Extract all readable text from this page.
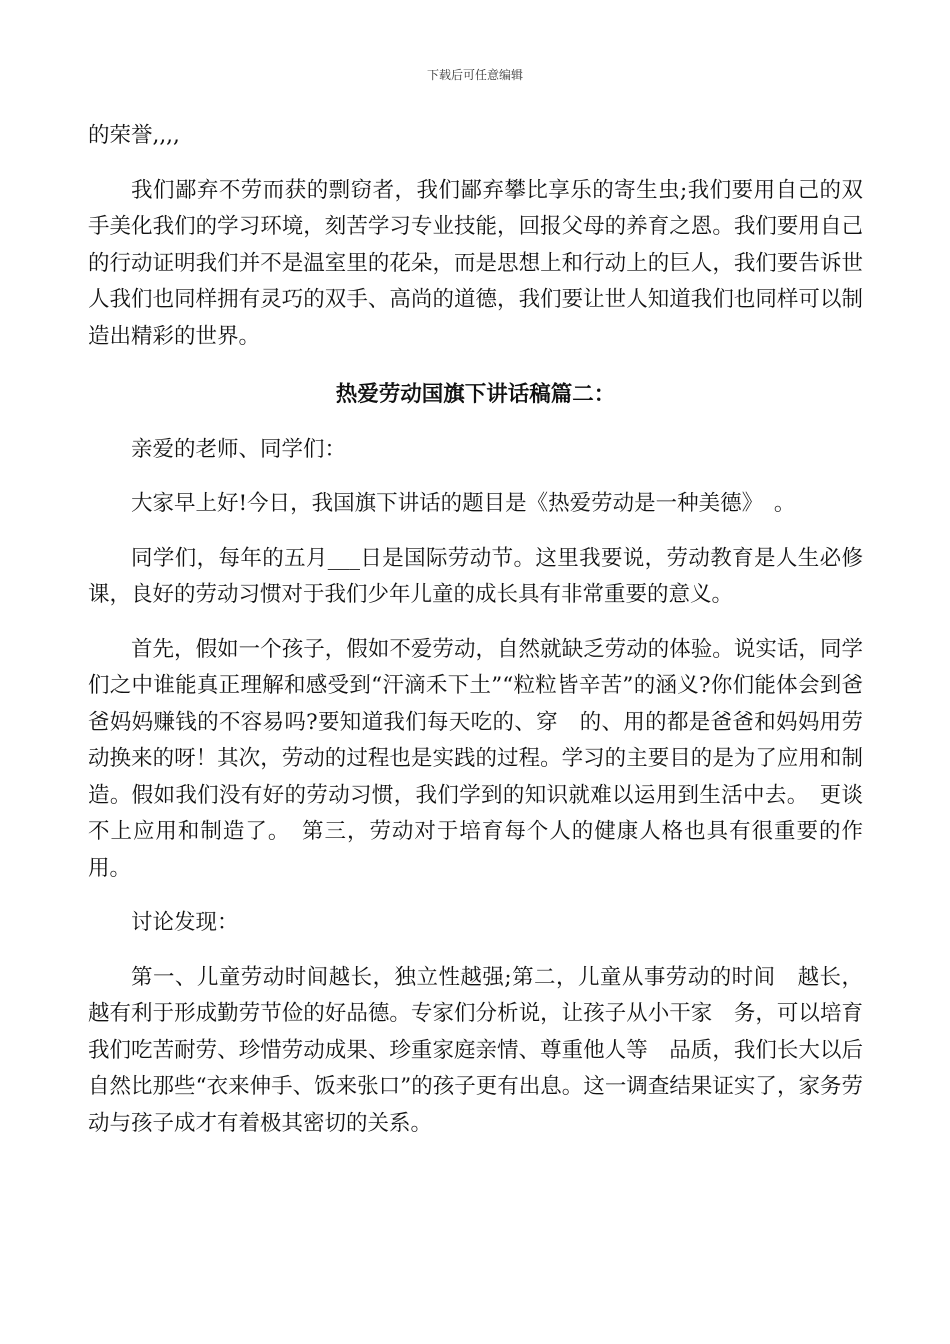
下载后可任意编辑

的荣誉,,,,

我们鄙弃不劳而获的剽窃者，我们鄙弃攀比享乐的寄生虫;我们要用自己的双手美化我们的学习环境，刻苦学习专业技能，回报父母的养育之恩。我们要用自己的行动证明我们并不是温室里的花朵，而是思想上和行动上的巨人，我们要告诉世人我们也同样拥有灵巧的双手、高尚的道德，我们要让世人知道我们也同样可以制造出精彩的世界。

热爱劳动国旗下讲话稿篇二：

亲爱的老师、同学们：

大家早上好!今日，我国旗下讲话的题目是《热爱劳动是一种美德》　。

同学们，每年的五月___日是国际劳动节。这里我要说，劳动教育是人生必修课，良好的劳动习惯对于我们少年儿童的成长具有非常重要的意义。

首先，假如一个孩子，假如不爱劳动，自然就缺乏劳动的体验。说实话，同学们之中谁能真正理解和感受到“汗滴禾下土”“粒粒皆辛苦”的涵义?你们能体会到爸爸妈妈赚钱的不容易吗?要知道我们每天吃的、穿　的、用的都是爸爸和妈妈用劳动换来的呀！其次，劳动的过程也是实践的过程。学习的主要目的是为了应用和制造。假如我们没有好的劳动习惯，我们学到的知识就难以运用到生活中去。　更谈不上应用和制造了。　第三，劳动对于培育每个人的健康人格也具有很重要的作用。

讨论发现：

第一、儿童劳动时间越长，独立性越强;第二，儿童从事劳动的时间　越长，越有利于形成勤劳节俭的好品德。专家们分析说，让孩子从小干家　务，可以培育我们吃苦耐劳、珍惜劳动成果、珍重家庭亲情、尊重他人等　品质，我们长大以后自然比那些“衣来伸手、饭来张口”的孩子更有出息。这一调查结果证实了，家务劳动与孩子成才有着极其密切的关系。
